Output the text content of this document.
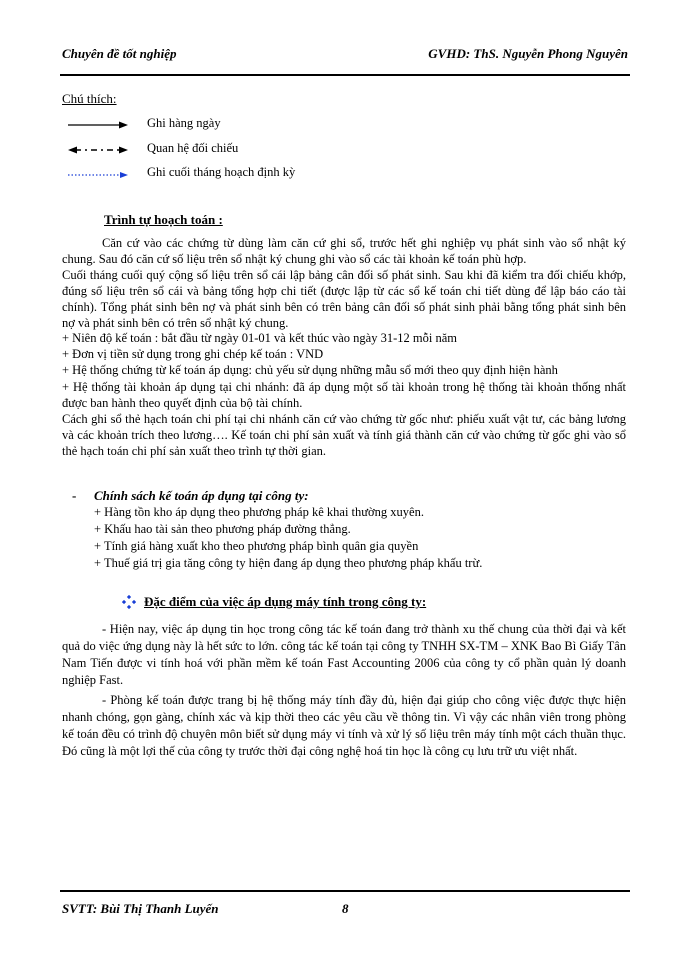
Chuyên đề tốt nghiệp	GVHD: ThS. Nguyễn Phong Nguyên
Chú thích:
Ghi hàng ngày
Quan hệ đối chiếu
Ghi cuối tháng hoạch định kỳ
Trình tự hoạch toán :

Căn cứ vào các chứng từ dùng làm căn cứ ghi sổ, trước hết ghi nghiệp vụ phát sinh vào sổ nhật ký chung. Sau đó căn cứ số liệu trên sổ nhật ký chung ghi vào sổ các tài khoản kế toán phù hợp.

Cuối tháng cuối quý cộng số liệu trên sổ cái lập bảng cân đối số phát sinh. Sau khi đã kiểm tra đối chiếu khớp, đúng số liệu trên sổ cái và bảng tổng hợp chi tiết (được lập từ các sổ kế toán chi tiết dùng để lập báo cáo tài chính). Tổng phát sinh bên nợ và phát sinh bên có trên bảng cân đối số phát sinh phải bằng tổng phát sinh bên nợ và phát sinh bên có trên sổ nhật ký chung.

+ Niên độ kế toán : bắt đầu từ ngày 01-01 và kết thúc vào ngày 31-12 mỗi năm
+ Đơn vị tiền sử dụng trong ghi chép kế toán : VND
+ Hệ thống chứng từ kế toán áp dụng: chủ yếu sử dụng những mẫu sổ mới theo quy định hiện hành

+ Hệ thống tài khoản áp dụng tại chi nhánh: đã áp dụng một số tài khoản trong hệ thống tài khoản thống nhất được ban hành theo quyết định của bộ tài chính.

Cách ghi sổ thẻ hạch toán chi phí tại chi nhánh căn cứ vào chứng từ gốc như: phiếu xuất vật tư, các bảng lương và các khoản trích theo lương…. Kế toán chi phí sản xuất và tính giá thành căn cứ vào chứng từ gốc ghi vào sổ thẻ hạch toán chi phí sản xuất theo trình tự thời gian.

- Chính sách kế toán áp dụng tại công ty:
+ Hàng tồn kho áp dụng theo phương pháp kê khai thường xuyên.
+ Khấu hao tài sản theo phương pháp đường thẳng.
+ Tính giá hàng xuất kho theo phương pháp bình quân gia quyền
+ Thuế giá trị gia tăng công ty hiện đang áp dụng theo phương pháp khấu trừ.
Đặc điểm của việc áp dụng máy tính trong công ty:

- Hiện nay, việc áp dụng tin học trong công tác kế toán đang trở thành xu thế chung của thời đại và kết quả do việc ứng dụng này là hết sức to lớn. công tác kế toán tại công ty TNHH SX-TM – XNK Bao Bì Giấy Tân Nam Tiến được vi tính hoá với phần mềm kế toán Fast Accounting 2006 của công ty cổ phần quản lý doanh nghiệp Fast.

- Phòng kế toán được trang bị hệ thống máy tính đầy đủ, hiện đại giúp cho công việc được thực hiện nhanh chóng, gọn gàng, chính xác và kịp thời theo các yêu cầu về thông tin. Vì vậy các nhân viên trong phòng kế toán đều có trình độ chuyên môn biết sử dụng máy vi tính và xử lý số liệu trên máy tính một cách thuần thục. Đó cũng là một lợi thế của công ty trước thời đại công nghệ hoá tin học là công cụ lưu trữ ưu việt nhất.

SVTT: Bùi Thị Thanh Luyến	8
